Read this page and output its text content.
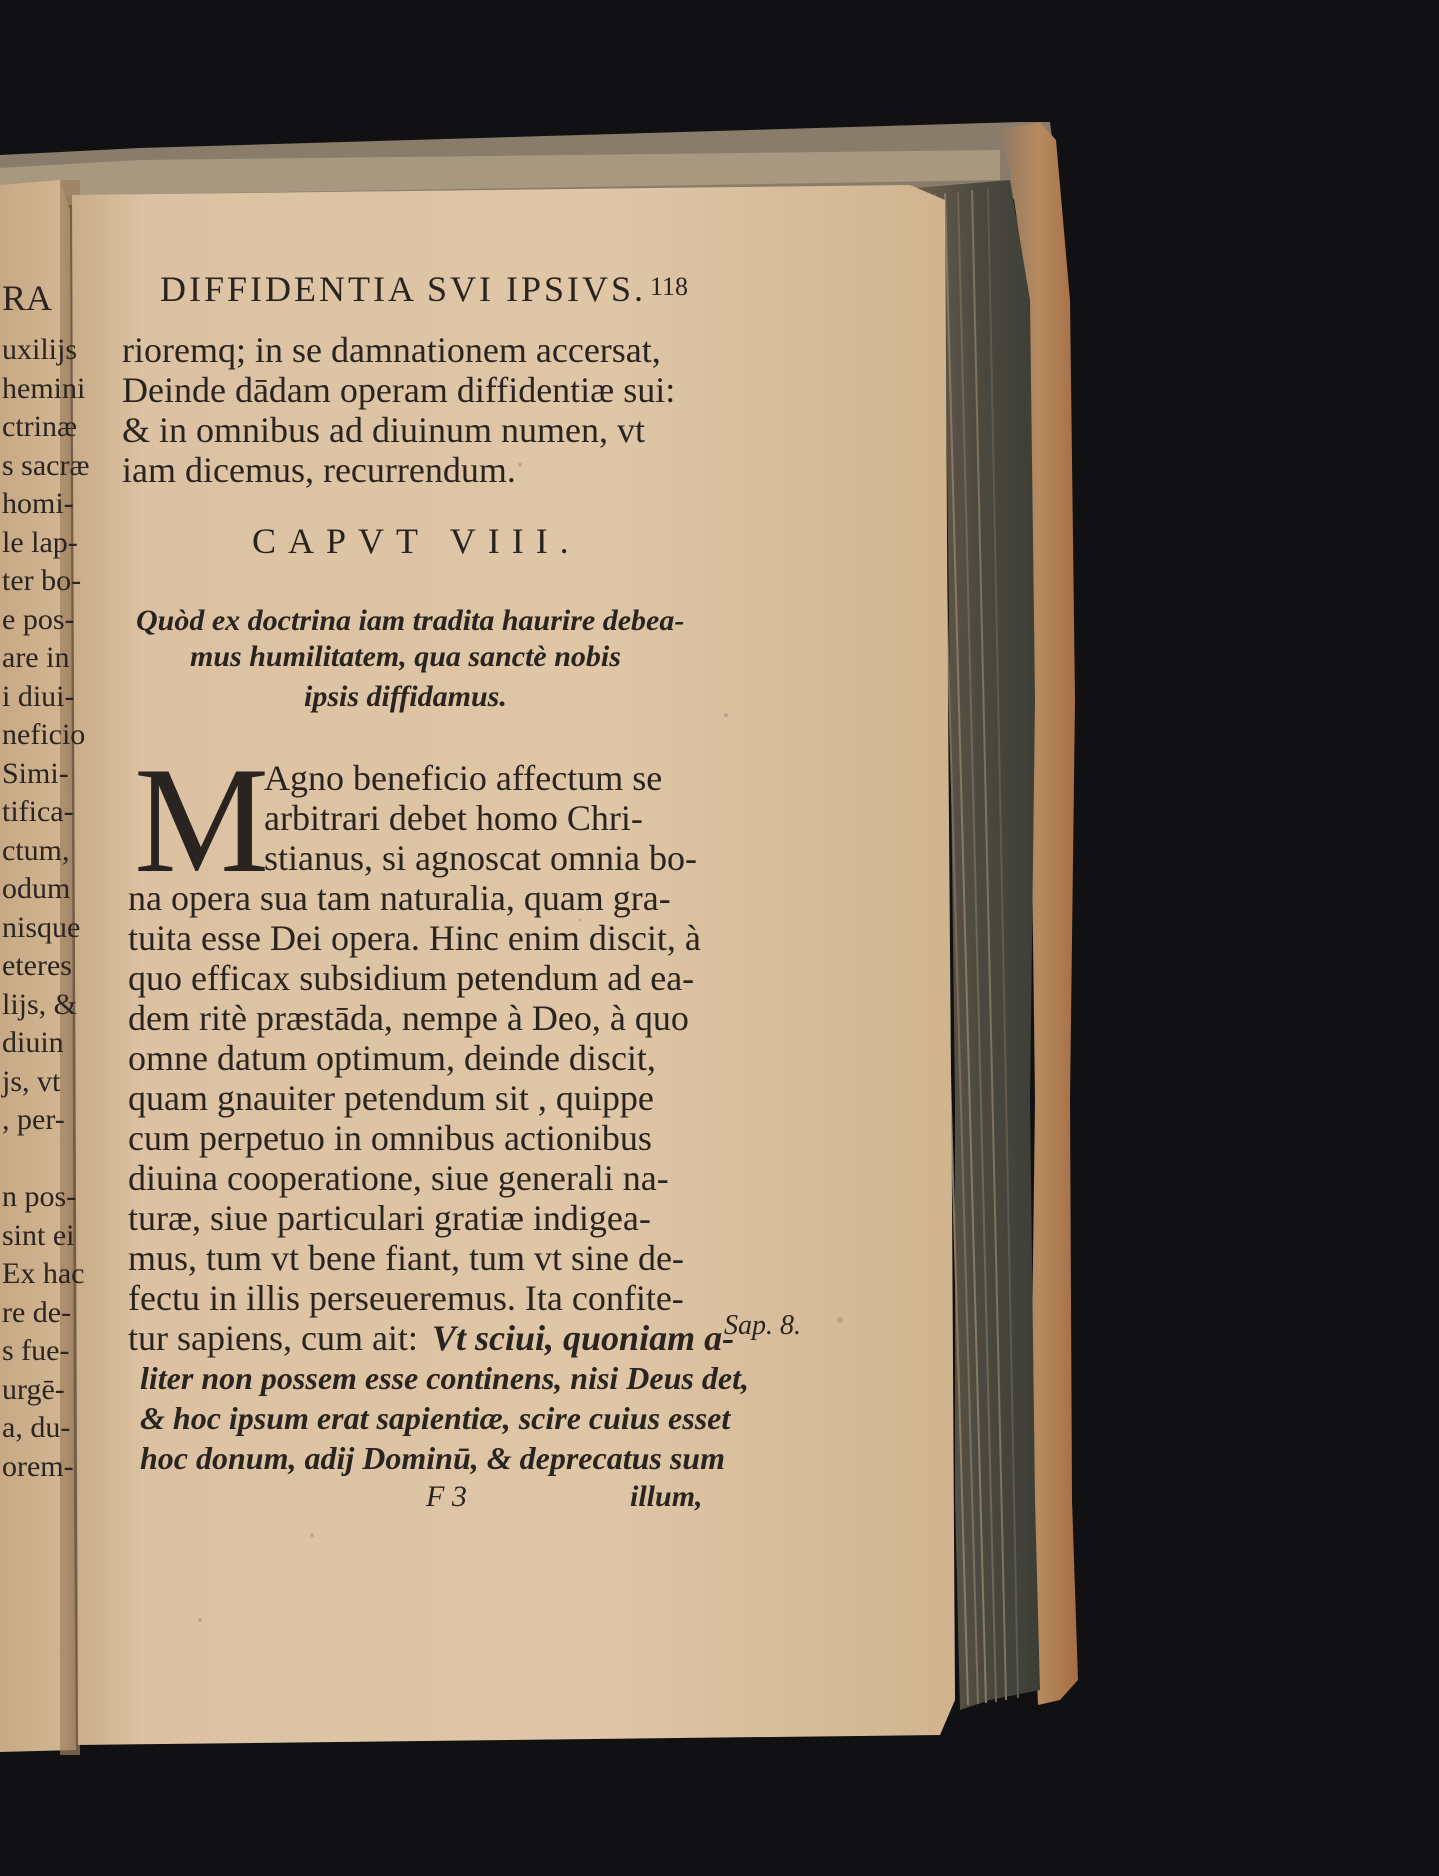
RA
uxilijs
hemini
ctrinæ
s sacræ
homi-
le lap-
ter bo-
e pos-
are in
i diui-
neficio
Simi-
tifica-
ctum,
odum
nisque
eteres
lijs, &
diuin
js, vt
, per-
n pos-
sint ei
Ex hac
re de-
s fue-
urgē-
a, du-
orem-
DIFFIDENTIA SVI IPSIVS. 118
rioremq; in se damnationem accersat,
Deinde dādam operam diffidentiæ sui:
& in omnibus ad diuinum numen, vt
iam dicemus, recurrendum.
CAPVT VIII.
Quòd ex doctrina iam tradita haurire debea-
mus humilitatem, qua sanctè nobis
ipsis diffidamus.
M
Agno beneficio affectum se
arbitrari debet homo Chri-
stianus, si agnoscat omnia bo-
na opera sua tam naturalia, quam gra-
tuita esse Dei opera. Hinc enim discit, à
quo efficax subsidium petendum ad ea-
dem ritè præstāda, nempe à Deo, à quo
omne datum optimum, deinde discit,
quam gnauiter petendum sit , quippe
cum perpetuo in omnibus actionibus
diuina cooperatione, siue generali na-
turæ, siue particulari gratiæ indigea-
mus, tum vt bene fiant, tum vt sine de-
fectu in illis perseueremus. Ita confite-
tur sapiens, cum ait: Vt sciui, quoniam a-
liter non possem esse continens, nisi Deus det,
& hoc ipsum erat sapientiæ, scire cuius esset
hoc donum, adij Dominū, & deprecatus sum
Sap. 8.
F 3	illum,
